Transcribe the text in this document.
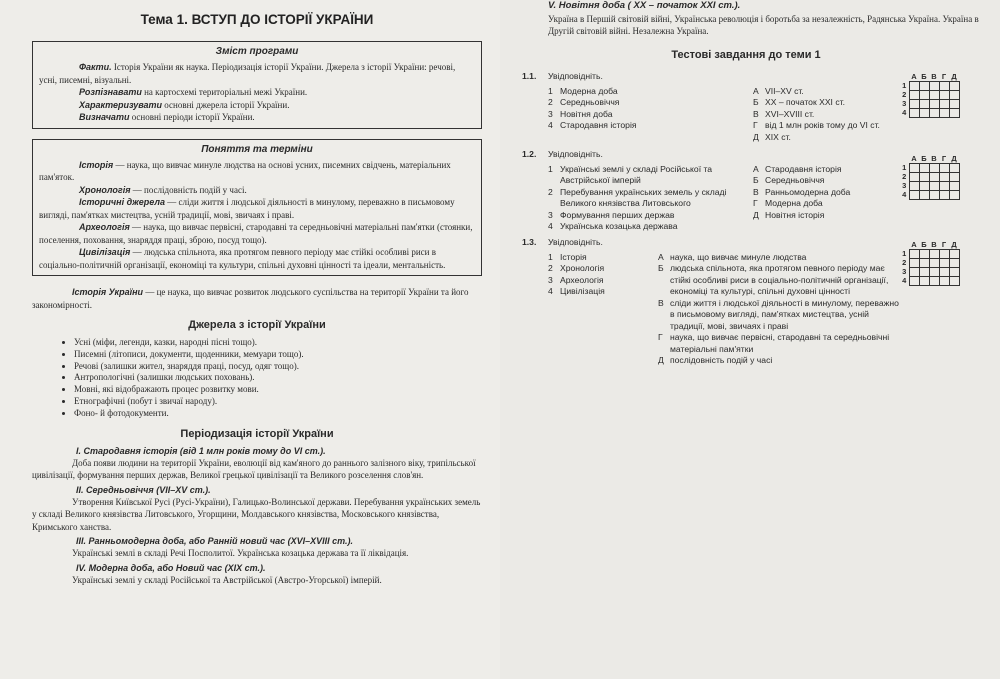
Тема 1. ВСТУП ДО ІСТОРІЇ УКРАЇНИ
Зміст програми

Факти. Історія України як наука. Періодизація історії України. Джерела з історії України: речові, усні, писемні, візуальні.

Розпізнавати на картосхемі територіальні межі України.

Характеризувати основні джерела історії України.

Визначати основні періоди історії України.

Поняття та терміни

Історія — наука, що вивчає минуле людства на основі усних, писемних свідчень, матеріальних пам'яток.

Хронологія — послідовність подій у часі.

Історичні джерела — сліди життя і людської діяльності в минулому, переважно в письмовому вигляді, пам'ятках мистецтва, усній традиції, мові, звичаях і праві.

Археологія — наука, що вивчає первісні, стародавні та середньовічні матеріальні пам'ятки (стоянки, поселення, поховання, знаряддя праці, зброю, посуд тощо).

Цивілізація — людська спільнота, яка протягом певного періоду має стійкі особливі риси в соціально-політичній організації, економіці та культури, спільні духовні цінності та ідеали, ментальність.

Історія України — це наука, що вивчає розвиток людського суспільства на території України та його закономірності.

Джерела з історії України
• Усні (міфи, легенди, казки, народні пісні тощо).
• Писемні (літописи, документи, щоденники, мемуари тощо).
• Речові (залишки жител, знаряддя праці, посуд, одяг тощо).
• Антропологічні (залишки людських поховань).
• Мовні, які відображають процес розвитку мови.
• Етнографічні (побут і звичаї народу).
• Фоно- й фотодокументи.
Періодизація історії України
І. Стародавня історія (від 1 млн років тому до VI ст.).

Доба появи людини на території України, еволюції від кам'яного до раннього залізного віку, трипільської цивілізації, формування перших держав, Великої грецької цивілізації та Великого розселення слов'ян.

ІІ. Середньовіччя (VII–XV ст.).

Утворення Київської Русі (Русі-України), Галицько-Волинської держави. Перебування українських земель у складі Великого князівства Литовського, Угорщини, Молдавського князівства, Московського князівства, Кримського ханства.

ІІІ. Ранньомодерна доба, або Ранній новий час (XVI–XVIII ст.).

Українські землі в складі Речі Посполитої. Українська козацька держава та її ліквідація.

IV. Модерна доба, або Новий час (XIX ст.).

Українські землі у складі Російської та Австрійської (Австро-Угорської) імперій.

V. Новітня доба ( XX – початок XXI ст.).

Україна в Першій світовій війні, Українська революція і боротьба за незалежність, Радянська Україна. Україна в Другій світовій війні. Незалежна Україна.

Тестові завдання до теми 1
1.1. Увідповідніть.
1 Модерна доба
2 Середньовіччя
3 Новітня доба
4 Стародавня історія
А VII–XV ст.
Б XX – початок XXI ст.
В XVI–XVIII ст.
Г від 1 млн років тому до VI ст.
Д XIX ст.
	А	Б	В	Г	Д
1					
2					
3					
4					
1.2. Увідповідніть.
1 Українські землі у складі Російської та Австрійської імперій
2 Перебування українських земель у складі Великого князівства Литовського
3 Формування перших держав
4 Українська козацька держава
А Стародавня історія
Б Середньовіччя
В Ранньомодерна доба
Г Модерна доба
Д Новітня історія
	А	Б	В	Г	Д
1					
2					
3					
4					
1.3. Увідповідніть.
1 Історія
2 Хронологія
3 Археологія
4 Цивілізація
А наука, що вивчає минуле людства
Б людська спільнота, яка протягом певного періоду має стійкі особливі риси в соціально-політичній організації, економіці та культурі, спільні духовні цінності
В сліди життя і людської діяльності в минулому, переважно в письмовому вигляді, пам'ятках мистецтва, усній традиції, мові, звичаях і праві
Г наука, що вивчає первісні, стародавні та середньовічні матеріальні пам'ятки
Д послідовність подій у часі
	А	Б	В	Г	Д
1					
2					
3					
4					
